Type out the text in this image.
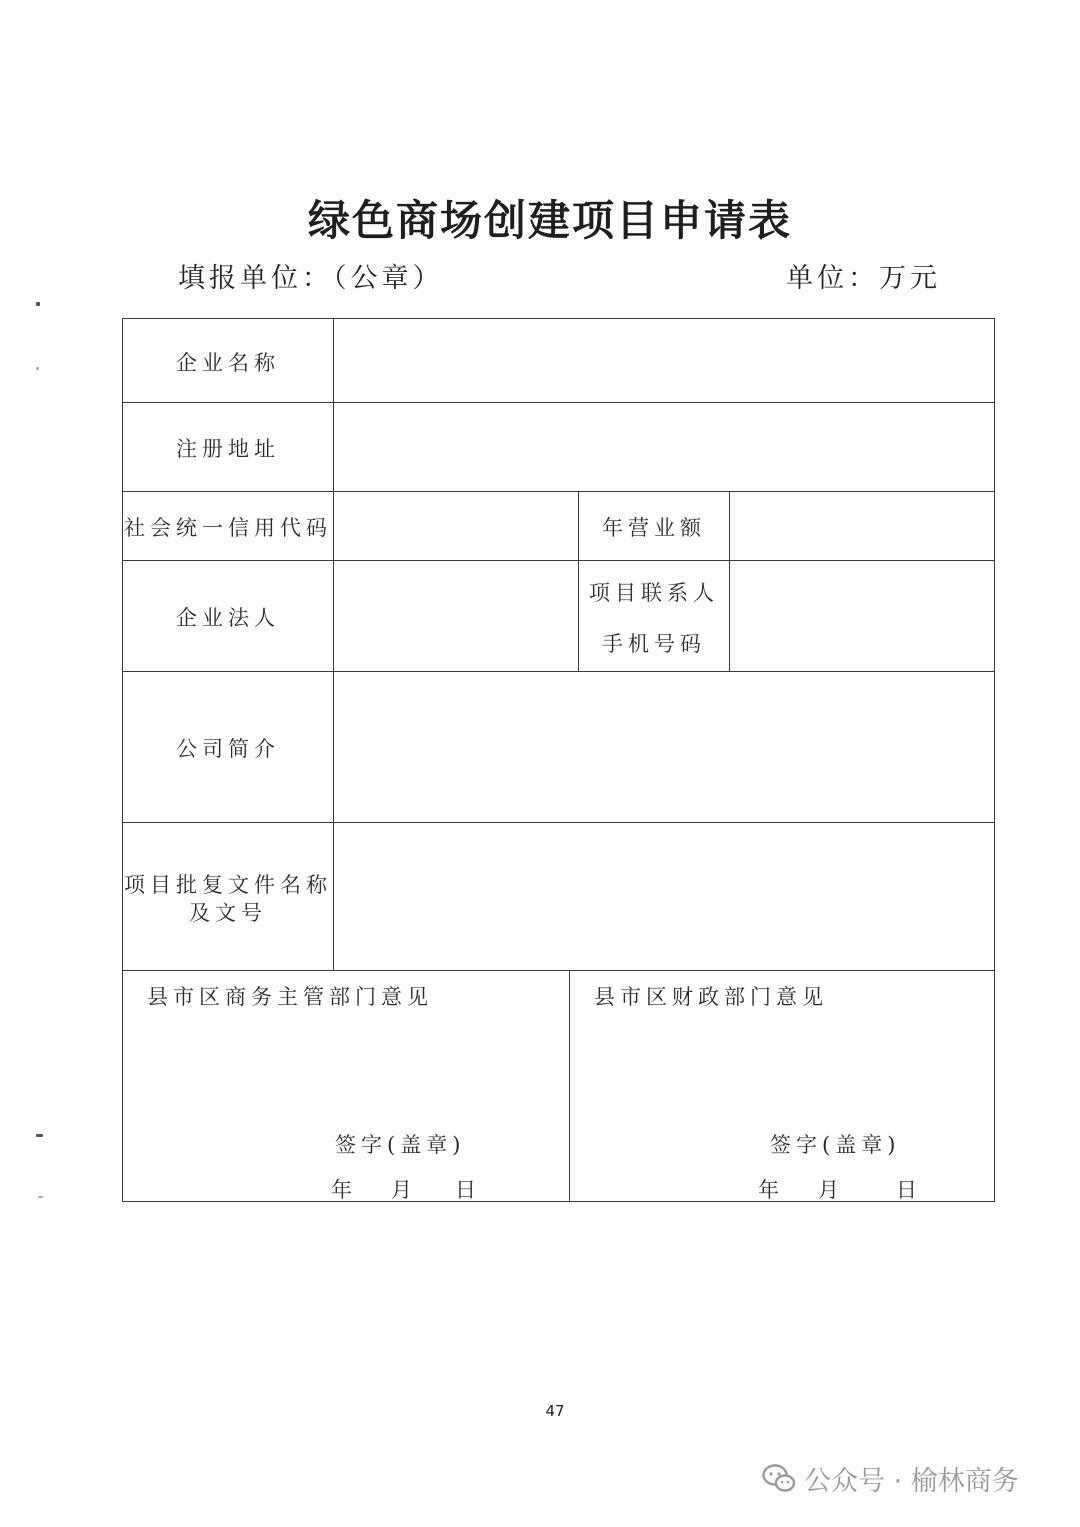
绿色商场创建项目申请表
填报单位：（公章）	单位：万元
企业名称
注册地址
社会统一信用代码	年营业额
企业法人
项目联系人
手机号码
公司简介
项目批复文件名称
及文号
县市区商务主管部门意见
签字(盖章)
年 月 日
县市区财政部门意见
签字(盖章)
年 月 日
47
公众号 · 榆林商务
